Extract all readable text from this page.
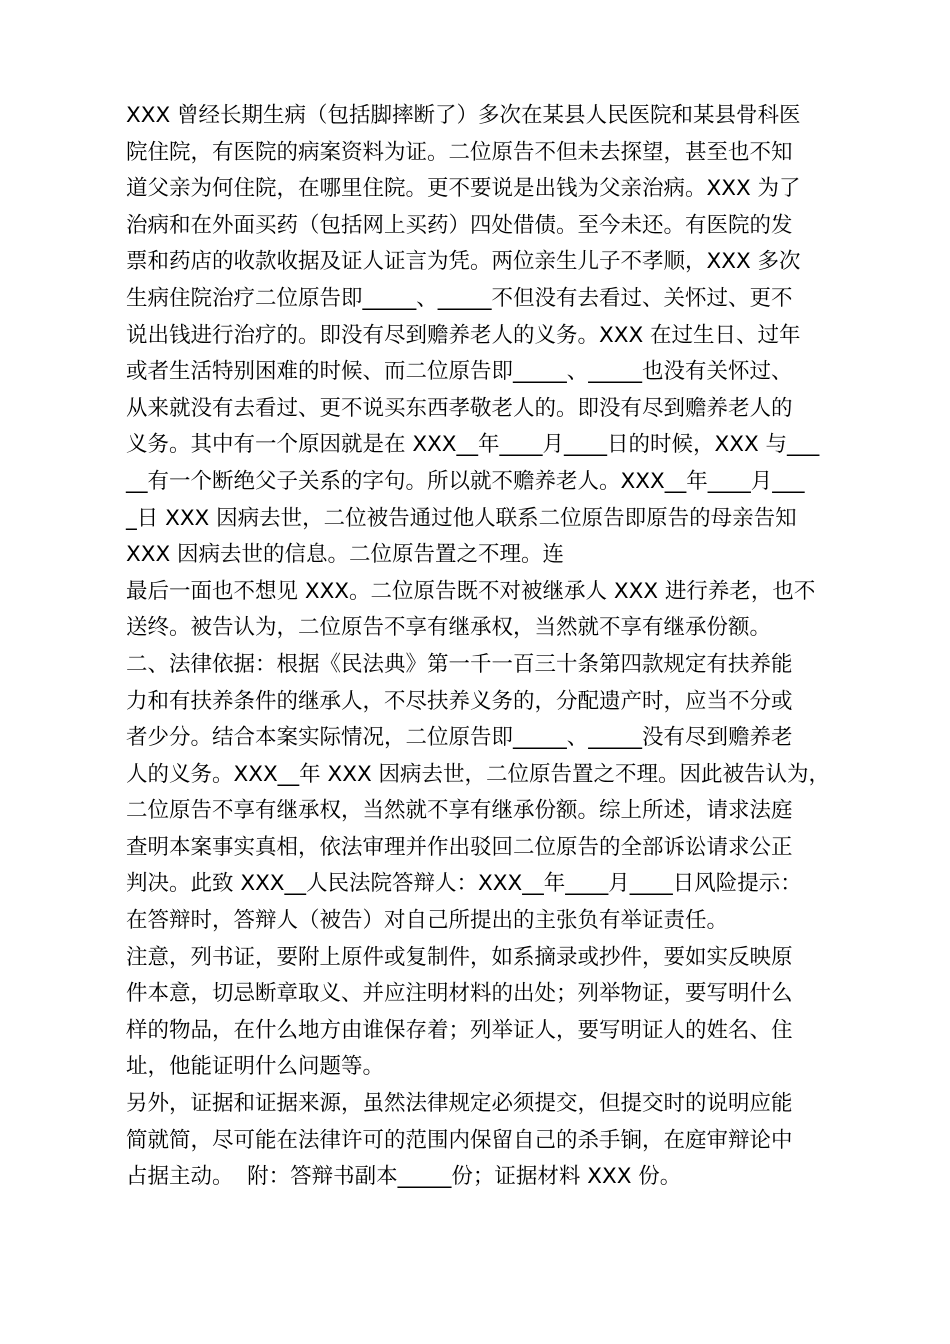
XXX 曾经长期生病（包括脚摔断了）多次在某县人民医院和某县骨科医
院住院，有医院的病案资料为证。二位原告不但未去探望，甚至也不知
道父亲为何住院，在哪里住院。更不要说是出钱为父亲治病。XXX 为了
治病和在外面买药（包括网上买药）四处借债。至今未还。有医院的发
票和药店的收款收据及证人证言为凭。两位亲生儿子不孝顺，XXX 多次
生病住院治疗二位原告即_____、_____不但没有去看过、关怀过、更不
说出钱进行治疗的。即没有尽到赡养老人的义务。XXX 在过生日、过年
或者生活特别困难的时候、而二位原告即_____、_____也没有关怀过、
从来就没有去看过、更不说买东西孝敬老人的。即没有尽到赡养老人的
义务。其中有一个原因就是在 XXX__年____月____日的时候，XXX 与___
__有一个断绝父子关系的字句。所以就不赡养老人。XXX__年____月___
_日 XXX 因病去世，二位被告通过他人联系二位原告即原告的母亲告知
XXX 因病去世的信息。二位原告置之不理。连
最后一面也不想见 XXX。二位原告既不对被继承人 XXX 进行养老，也不
送终。被告认为，二位原告不享有继承权，当然就不享有继承份额。
二、法律依据：根据《民法典》第一千一百三十条第四款规定有扶养能
力和有扶养条件的继承人，不尽扶养义务的，分配遗产时，应当不分或
者少分。结合本案实际情况，二位原告即_____、_____没有尽到赡养老
人的义务。XXX__年 XXX 因病去世，二位原告置之不理。因此被告认为，
二位原告不享有继承权，当然就不享有继承份额。综上所述，请求法庭
查明本案事实真相，依法审理并作出驳回二位原告的全部诉讼请求公正
判决。此致 XXX__人民法院答辩人：XXX__年____月____日风险提示：
在答辩时，答辩人（被告）对自己所提出的主张负有举证责任。
注意，列书证，要附上原件或复制件，如系摘录或抄件，要如实反映原
件本意，切忌断章取义、并应注明材料的出处；列举物证，要写明什么
样的物品，在什么地方由谁保存着；列举证人，要写明证人的姓名、住
址，他能证明什么问题等。
另外，证据和证据来源，虽然法律规定必须提交，但提交时的说明应能
简就简，尽可能在法律许可的范围内保留自己的杀手锏，在庭审辩论中
占据主动。  附：答辩书副本_____份；证据材料 XXX 份。
